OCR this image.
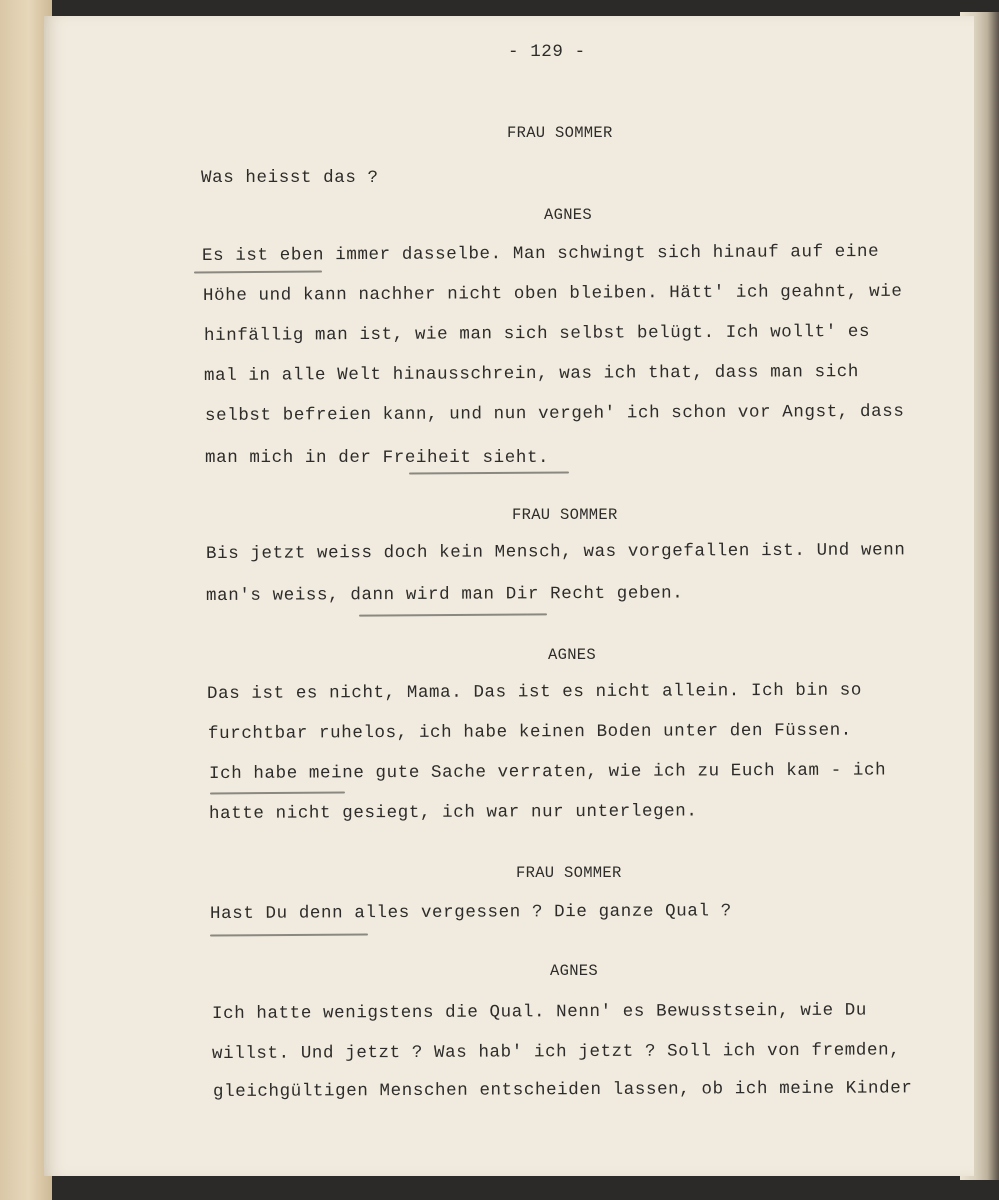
- 129 -
FRAU SOMMER
Was heisst das ?
AGNES
Es ist eben immer dasselbe. Man schwingt sich hinauf auf eine
Höhe und kann nachher nicht oben bleiben. Hätt' ich geahnt, wie
hinfällig man ist, wie man sich selbst belügt. Ich wollt' es
mal in alle Welt hinausschrein, was ich that, dass man sich
selbst befreien kann, und nun vergeh' ich schon vor Angst, dass
man mich in der Freiheit sieht.
FRAU SOMMER
Bis jetzt weiss doch kein Mensch, was vorgefallen ist. Und wenn
man's weiss, dann wird man Dir Recht geben.
AGNES
Das ist es nicht, Mama. Das ist es nicht allein. Ich bin so
furchtbar ruhelos, ich habe keinen Boden unter den Füssen.
Ich habe meine gute Sache verraten, wie ich zu Euch kam - ich
hatte nicht gesiegt, ich war nur unterlegen.
FRAU SOMMER
Hast Du denn alles vergessen ? Die ganze Qual ?
AGNES
Ich hatte wenigstens die Qual. Nenn' es Bewusstsein, wie Du
willst. Und jetzt ? Was hab' ich jetzt ? Soll ich von fremden,
gleichgültigen Menschen entscheiden lassen, ob ich meine Kinder
